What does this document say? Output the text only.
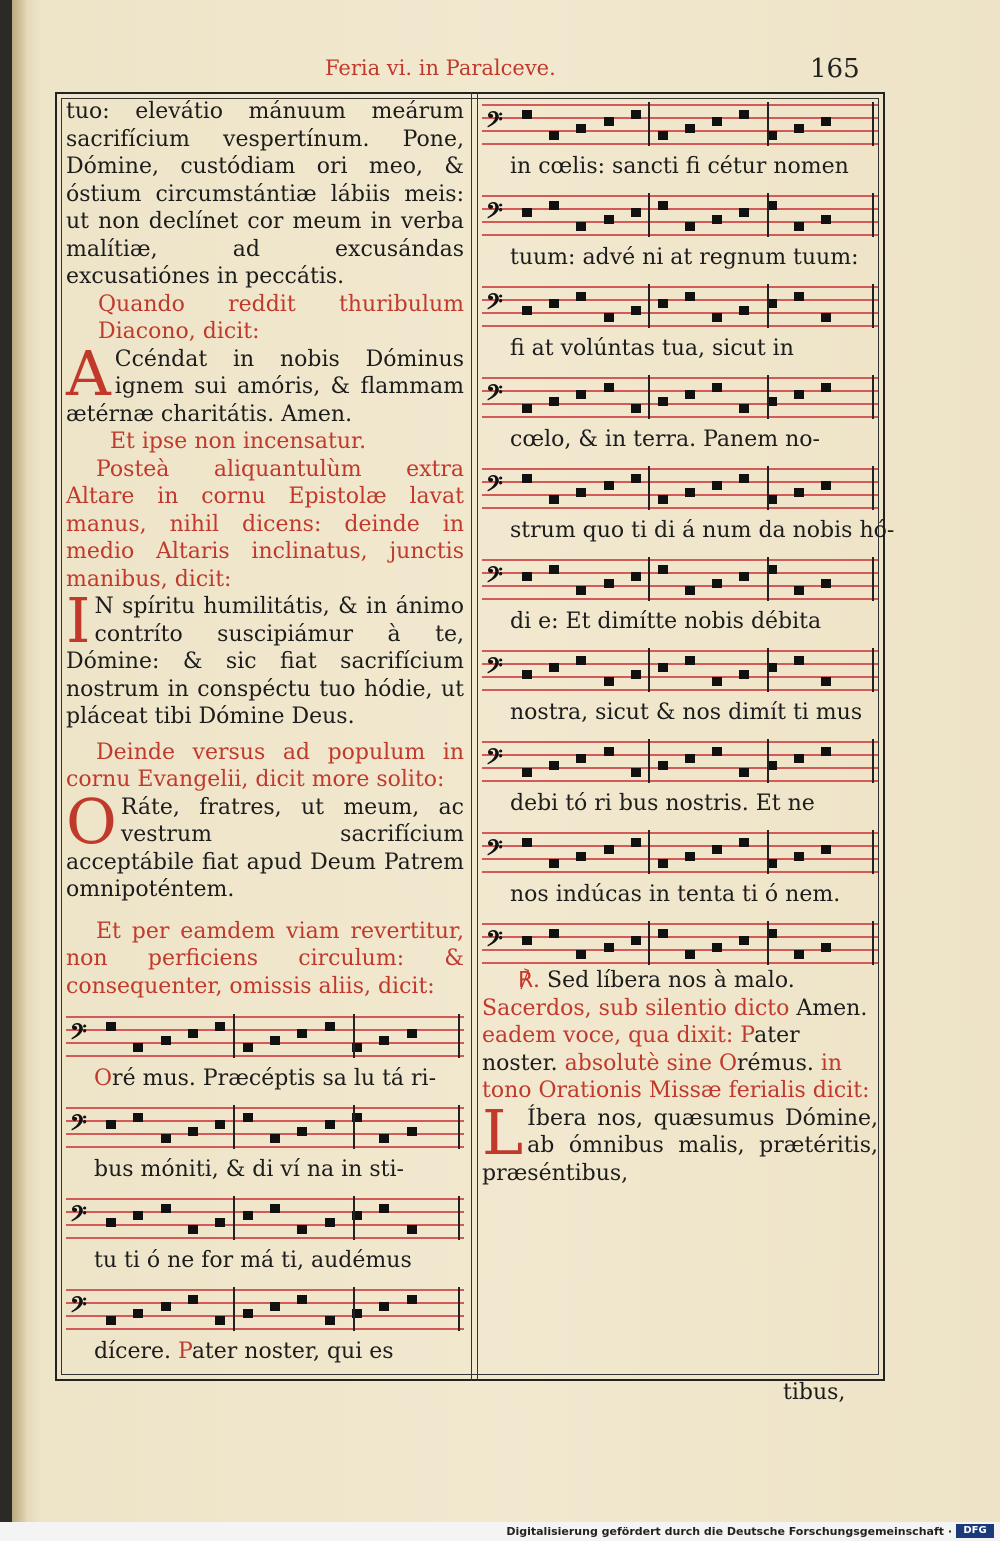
Feria vi. in Paralceve.	165

tuo: elevátio mánuum meárum sacrifícium vespertínum. Pone, Dómine, custódiam ori meo, & óstium circumstántiæ lábiis meis: ut non declínet cor meum in verba malítiæ, ad excusándas excusatiónes in peccátis.

Quando reddit thuribulum Diacono, dicit:

A Ccéndat in nobis Dóminus ignem sui amóris, & flammam ætérnæ charitátis. Amen.

Et ipse non incensatur.

Posteà aliquantulùm extra Altare in cornu Epistolæ lavat manus, nihil dicens: deinde in medio Altaris inclinatus, junctis manibus, dicit:

I N spíritu humilitátis, & in ánimo contríto suscipiámur à te, Dómine: & sic fiat sacrifícium nostrum in conspéctu tuo hódie, ut pláceat tibi Dómine Deus.

Deinde versus ad populum in cornu Evangelii, dicit more solito:

O Ráte, fratres, ut meum, ac vestrum sacrifícium acceptábile fiat apud Deum Patrem omnipoténtem.

Et per eamdem viam revertitur, non perficiens circulum: & consequenter, omissis aliis, dicit:

𝄢
Oré mus. Præcéptis sa lu tá ri-
𝄢
bus móniti, & di ví na in sti-
𝄢
tu ti ó ne for má ti, audémus
𝄢
dícere. Pater noster, qui es
𝄢
in cœlis: sancti fi cétur nomen
𝄢
tuum: advé ni at regnum tuum:
𝄢
fi at volúntas tua, sicut in
𝄢
cœlo, & in terra. Panem no-
𝄢
strum quo ti di á num da nobis hó-
𝄢
di e: Et dimítte nobis débita
𝄢
nostra, sicut & nos dimít ti mus
𝄢
debi tó ri bus nostris. Et ne
𝄢
nos indúcas in tenta ti ó nem.
𝄢

℟. Sed líbera nos à malo.

Sacerdos, sub silentio dicto Amen. eadem voce, qua dixit: Pater noster. absolutè sine Orémus. in tono Orationis Missæ ferialis dicit:

L Íbera nos, quæsumus Dómine, ab ómnibus malis, prætéritis, præséntibus,

tibus,
Digitalisierung gefördert durch die Deutsche Forschungsgemeinschaft ·	DFG
